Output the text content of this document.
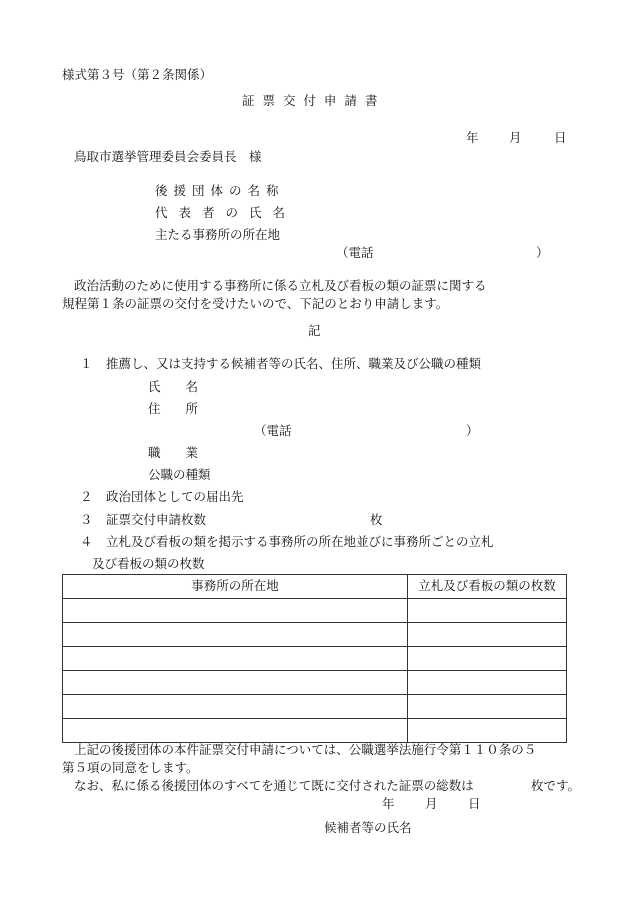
様式第３号（第２条関係）

証 票 交 付 申 請 書

年 月	日

鳥取市選挙管理委員会委員長　様

後援団体の名称
代表者の氏名
主たる事務所の所在地
（電話	）

政治活動のために使用する事務所に係る立札及び看板の類の証票に関する

規程第１条の証票の交付を受けたいので、下記のとおり申請します。

記

１ 推薦し、又は支持する候補者等の氏名、住所、職業及び公職の種類
氏　　名
住　　所
（電話	）
職　　業
公職の種類
２ 政治団体としての届出先
３ 証票交付申請枚数	枚
４ 立札及び看板の類を掲示する事務所の所在地並びに事務所ごとの立札
及び看板の類の枚数
事務所の所在地	立札及び看板の類の枚数

上記の後援団体の本件証票交付申請については、公職選挙法施行令第１１０条の５

第５項の同意をします。

なお、私に係る後援団体のすべてを通じて既に交付された証票の総数は	枚です。

年 月 日

候補者等の氏名
